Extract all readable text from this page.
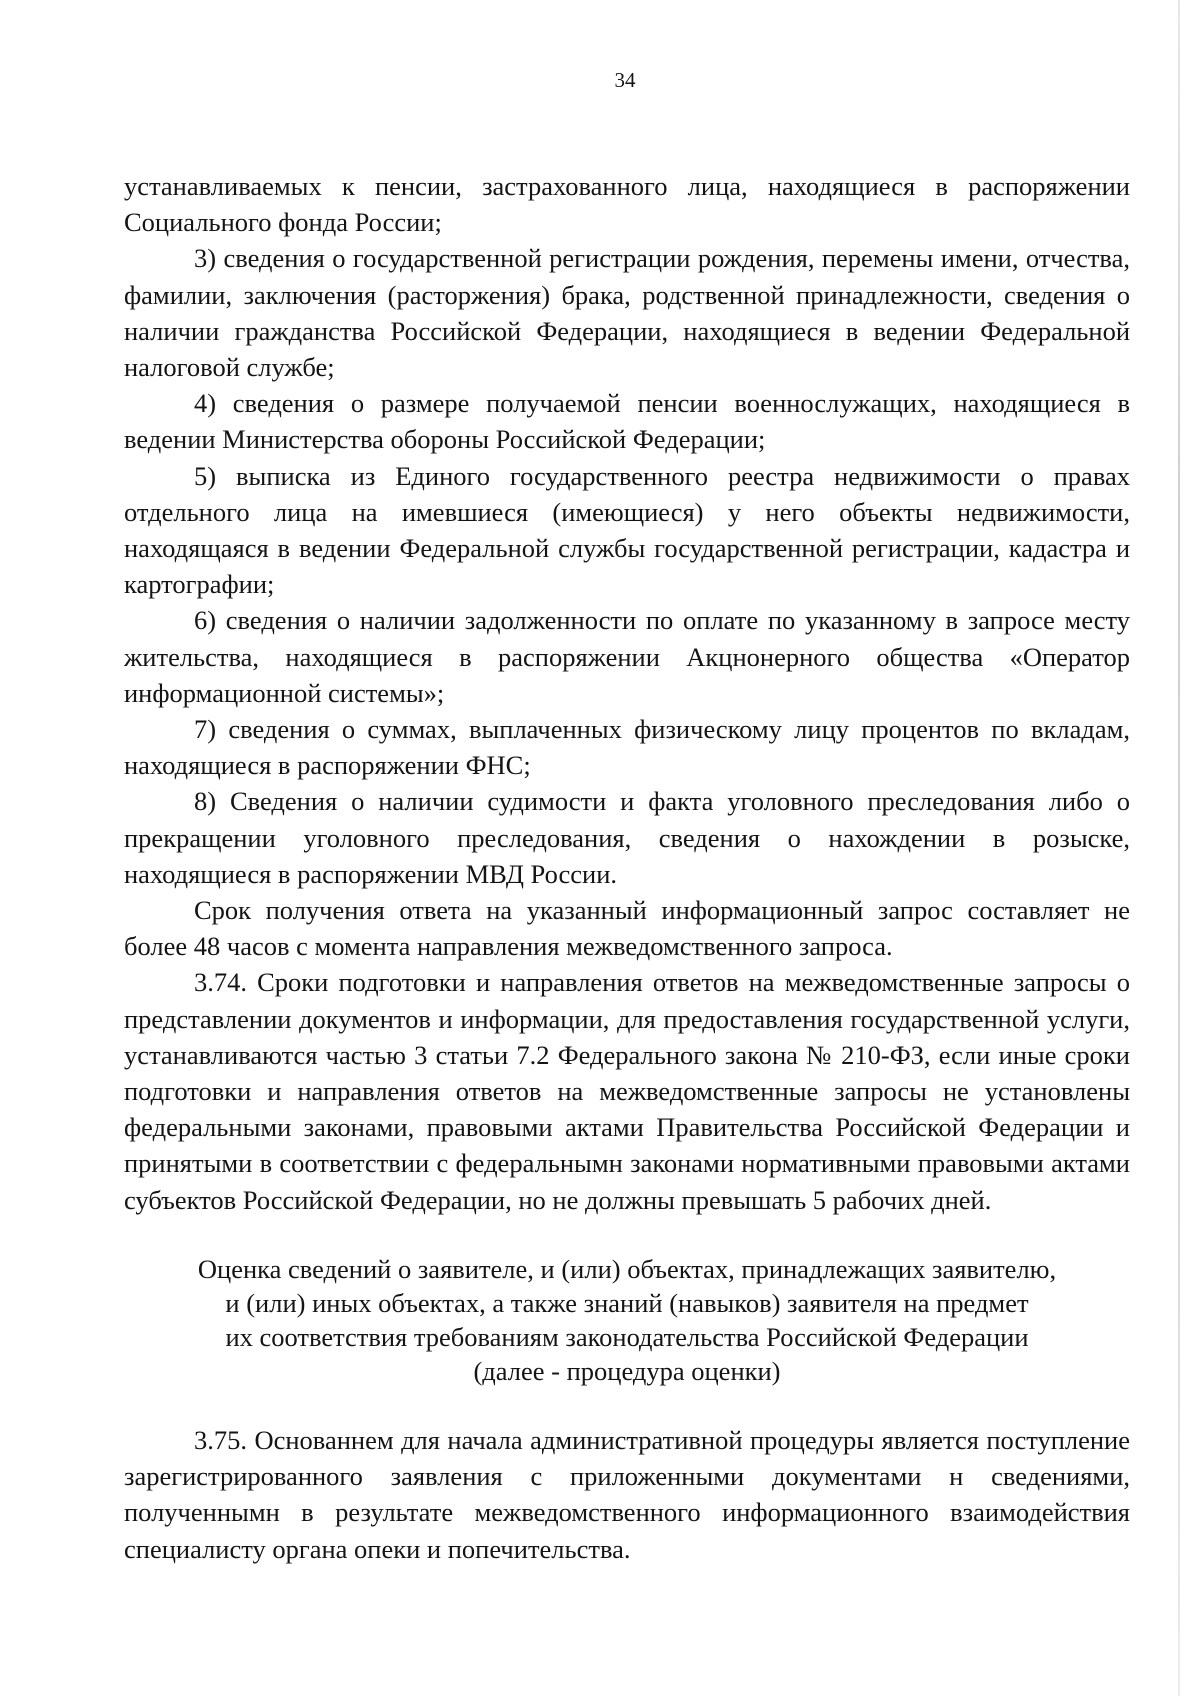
34

устанавливаемых к пенсии, застрахованного лица, находящиеся в распоряжении Социального фонда России;

3) сведения о государственной регистрации рождения, перемены имени, отчества, фамилии, заключения (расторжения) брака, родственной принадлежности, сведения о наличии гражданства Российской Федерации, находящиеся в ведении Федеральной налоговой службе;

4) сведения о размере получаемой пенсии военнослужащих, находящиеся в ведении Министерства обороны Российской Федерации;

5) выписка из Единого государственного реестра недвижимости о правах отдельного лица на имевшиеся (имеющиеся) у него объекты недвижимости, находящаяся в ведении Федеральной службы государственной регистрации, кадастра и картографии;

6) сведения о наличии задолженности по оплате по указанному в запросе месту жительства, находящиеся в распоряжении Акцнонерного общества «Оператор информационной системы»;

7) сведения о суммах, выплаченных физическому лицу процентов по вкладам, находящиеся в распоряжении ФНС;

8) Сведения о наличии судимости и факта уголовного преследования либо о прекращении уголовного преследования, сведения о нахождении в розыске, находящиеся в распоряжении МВД России.

Срок получения ответа на указанный информационный запрос составляет не более 48 часов с момента направления межведомственного запроса.

3.74. Сроки подготовки и направления ответов на межведомственные запросы о представлении документов и информации, для предоставления государственной услуги, устанавливаются частью 3 статьи 7.2 Федерального закона № 210-ФЗ, если иные сроки подготовки и направления ответов на межведомственные запросы не установлены федеральными законами, правовыми актами Правительства Российской Федерации и принятыми в соответствии с федеральнымн законами нормативными правовыми актами субъектов Российской Федерации, но не должны превышать 5 рабочих дней.

Оценка сведений о заявителе, и (или) объектах, принадлежащих заявителю,
и (или) иных объектах, а также знаний (навыков) заявителя на предмет
их соответствия требованиям законодательства Российской Федерации
(далее - процедура оценки)

3.75. Основаннем для начала административной процедуры является поступление зарегистрированного заявления с приложенными документами н сведениями, полученнымн в результате межведомственного информационного взаимодействия специалисту органа опеки и попечительства.
